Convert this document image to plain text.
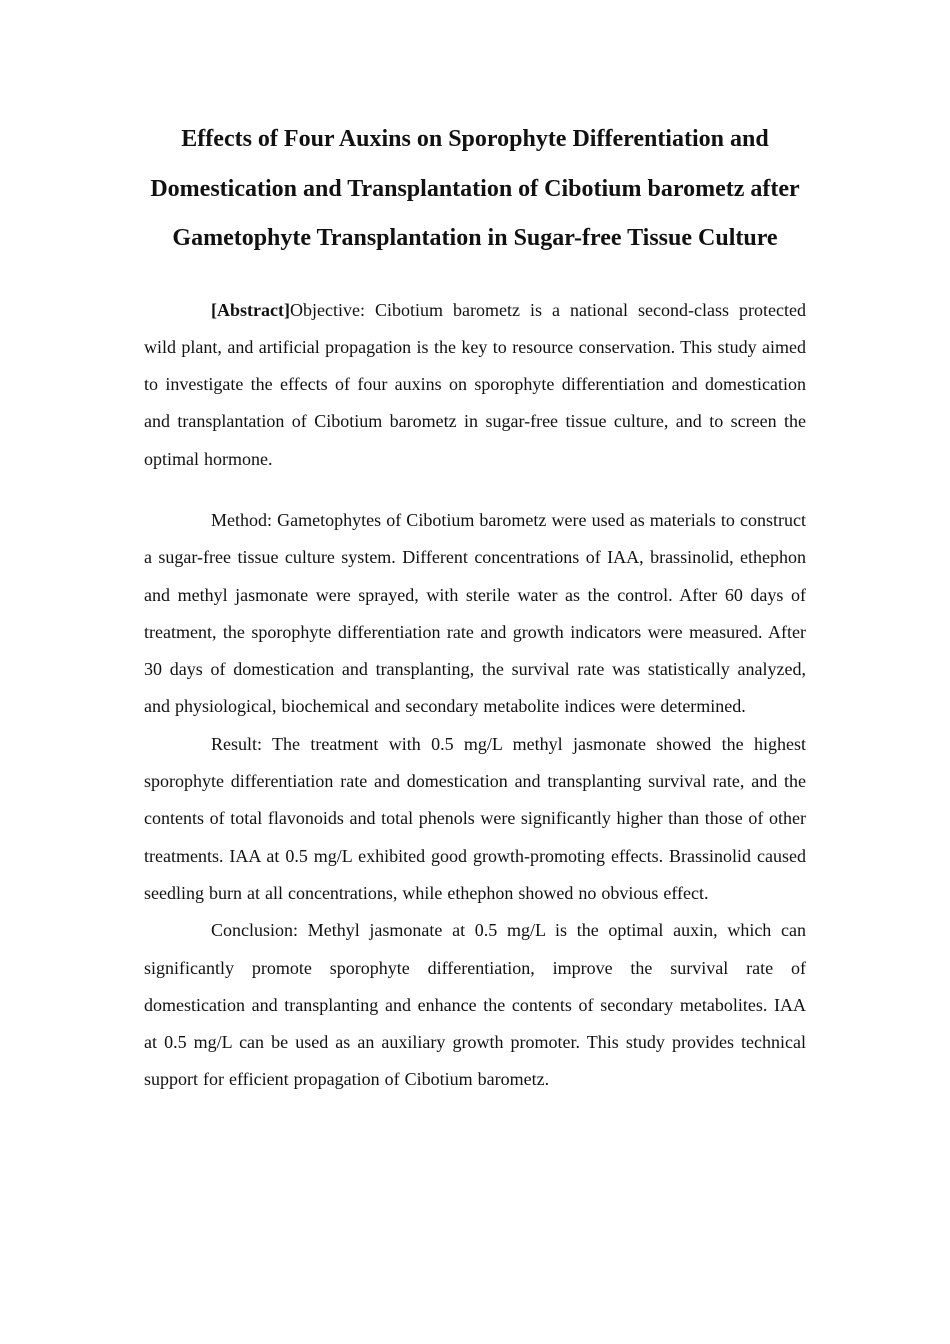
Effects of Four Auxins on Sporophyte Differentiation and Domestication and Transplantation of Cibotium barometz after Gametophyte Transplantation in Sugar-free Tissue Culture

[Abstract]Objective: Cibotium barometz is a national second-class protected wild plant, and artificial propagation is the key to resource conservation. This study aimed to investigate the effects of four auxins on sporophyte differentiation and domestication and transplantation of Cibotium barometz in sugar-free tissue culture, and to screen the optimal hormone.

Method: Gametophytes of Cibotium barometz were used as materials to construct a sugar-free tissue culture system. Different concentrations of IAA, brassinolid, ethephon and methyl jasmonate were sprayed, with sterile water as the control. After 60 days of treatment, the sporophyte differentiation rate and growth indicators were measured. After 30 days of domestication and transplanting, the survival rate was statistically analyzed, and physiological, biochemical and secondary metabolite indices were determined.

Result: The treatment with 0.5 mg/L methyl jasmonate showed the highest sporophyte differentiation rate and domestication and transplanting survival rate, and the contents of total flavonoids and total phenols were significantly higher than those of other treatments. IAA at 0.5 mg/L exhibited good growth-promoting effects. Brassinolid caused seedling burn at all concentrations, while ethephon showed no obvious effect.

Conclusion: Methyl jasmonate at 0.5 mg/L is the optimal auxin, which can significantly promote sporophyte differentiation, improve the survival rate of domestication and transplanting and enhance the contents of secondary metabolites. IAA at 0.5 mg/L can be used as an auxiliary growth promoter. This study provides technical support for efficient propagation of Cibotium barometz.
